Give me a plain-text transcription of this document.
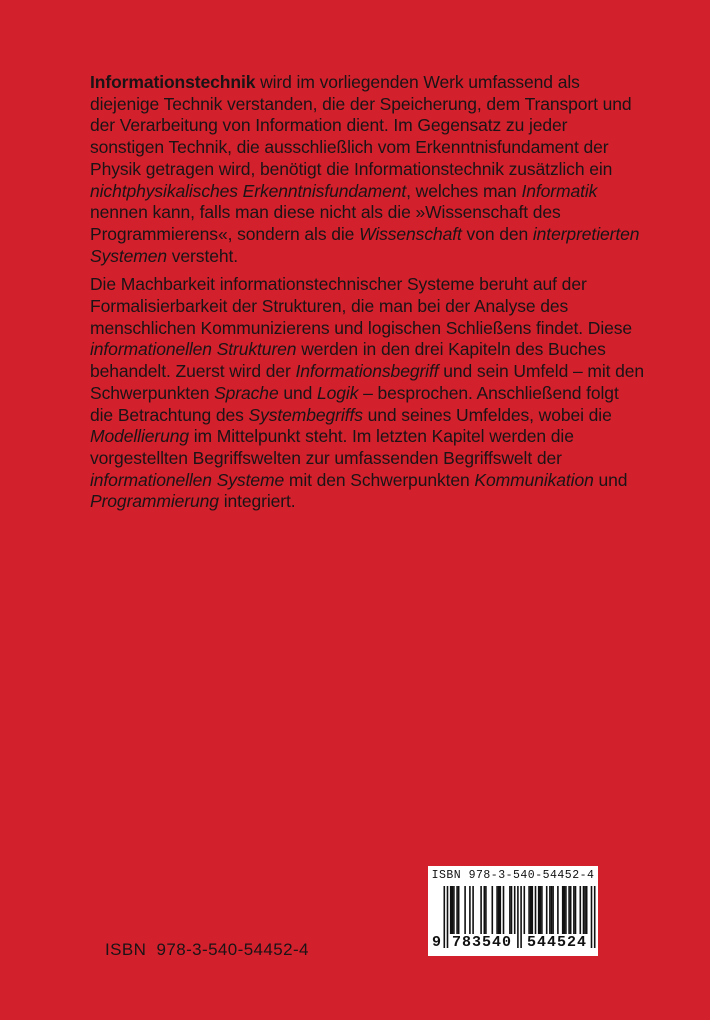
Informationstechnik wird im vorliegenden Werk umfassend als diejenige Technik verstanden, die der Speicherung, dem Transport und der Verarbeitung von Information dient. Im Gegensatz zu jeder sonstigen Technik, die ausschließlich vom Erkenntnisfundament der Physik getragen wird, benötigt die Informationstechnik zusätzlich ein nichtphysikalisches Erkenntnisfundament, welches man Informatik nennen kann, falls man diese nicht als die »Wissenschaft des Programmierens«, sondern als die Wissenschaft von den interpretierten Systemen versteht.

Die Machbarkeit informationstechnischer Systeme beruht auf der Formalisierbarkeit der Strukturen, die man bei der Analyse des menschlichen Kommunizierens und logischen Schließens findet. Diese informationellen Strukturen werden in den drei Kapiteln des Buches behandelt. Zuerst wird der Informationsbegriff und sein Umfeld – mit den Schwerpunkten Sprache und Logik – besprochen. Anschließend folgt die Betrachtung des Systembegriffs und seines Umfeldes, wobei die Modellierung im Mittelpunkt steht. Im letzten Kapitel werden die vorgestellten Begriffswelten zur umfassenden Begriffswelt der informationellen Systeme mit den Schwerpunkten Kommunikation und Programmierung integriert.

ISBN  978-3-540-54452-4
ISBN 978-3-540-54452-4
9 783540 544524
